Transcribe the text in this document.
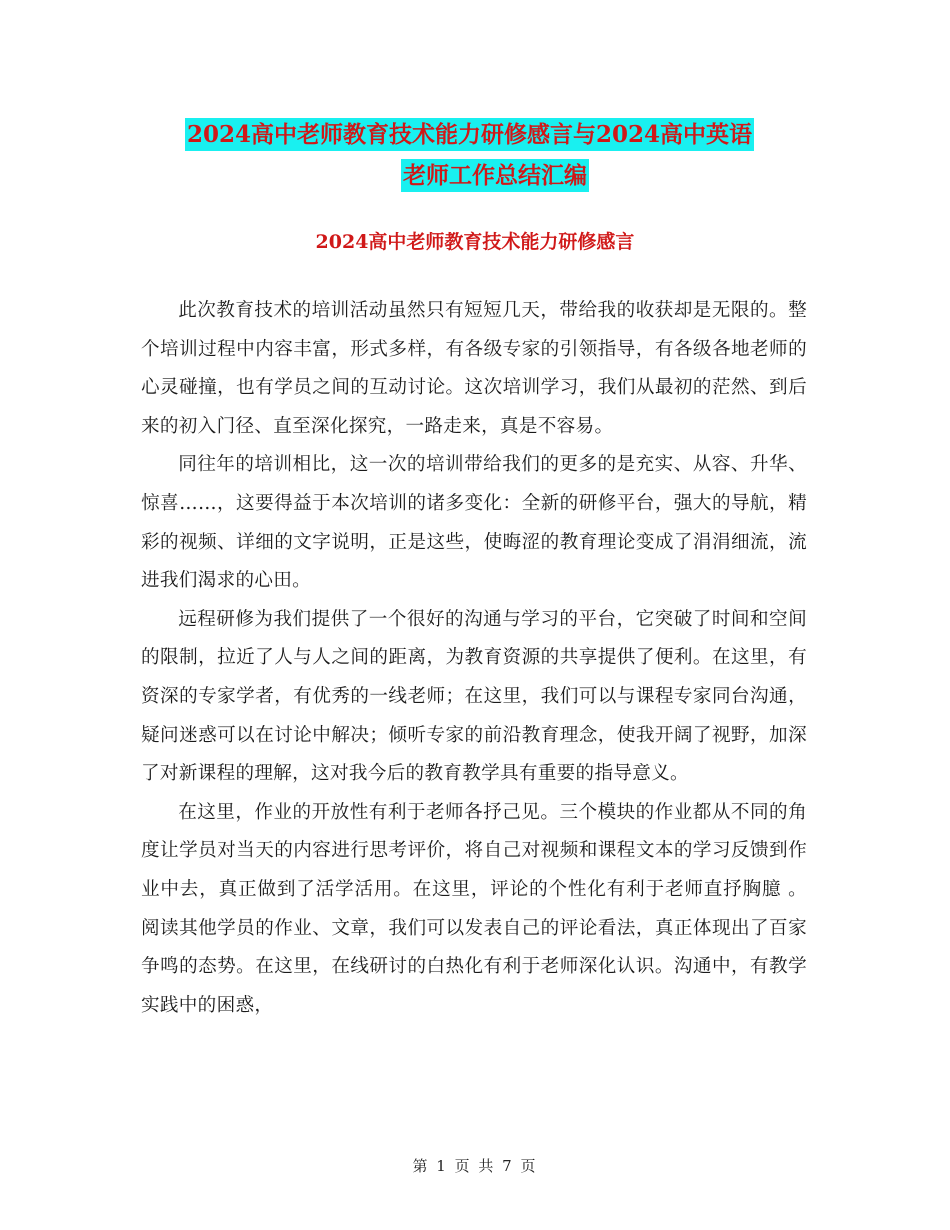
2024高中老师教育技术能力研修感言与2024高中英语
老师工作总结汇编
2024高中老师教育技术能力研修感言

此次教育技术的培训活动虽然只有短短几天，带给我的收获却是无限的。整个培训过程中内容丰富，形式多样，有各级专家的引领指导，有各级各地老师的心灵碰撞，也有学员之间的互动讨论。这次培训学习，我们从最初的茫然、到后来的初入门径、直至深化探究，一路走来，真是不容易。

同往年的培训相比，这一次的培训带给我们的更多的是充实、从容、升华、惊喜……，这要得益于本次培训的诸多变化：全新的研修平台，强大的导航，精彩的视频、详细的文字说明，正是这些，使晦涩的教育理论变成了涓涓细流，流进我们渴求的心田。

远程研修为我们提供了一个很好的沟通与学习的平台，它突破了时间和空间的限制，拉近了人与人之间的距离，为教育资源的共享提供了便利。在这里，有资深的专家学者，有优秀的一线老师；在这里，我们可以与课程专家同台沟通，疑问迷惑可以在讨论中解决；倾听专家的前沿教育理念，使我开阔了视野，加深了对新课程的理解，这对我今后的教育教学具有重要的指导意义。

在这里，作业的开放性有利于老师各抒己见。三个模块的作业都从不同的角度让学员对当天的内容进行思考评价，将自己对视频和课程文本的学习反馈到作业中去，真正做到了活学活用。在这里，评论的个性化有利于老师直抒胸臆 。阅读其他学员的作业、文章，我们可以发表自己的评论看法，真正体现出了百家争鸣的态势。在这里，在线研讨的白热化有利于老师深化认识。沟通中，有教学实践中的困惑，

第 1 页 共 7 页
